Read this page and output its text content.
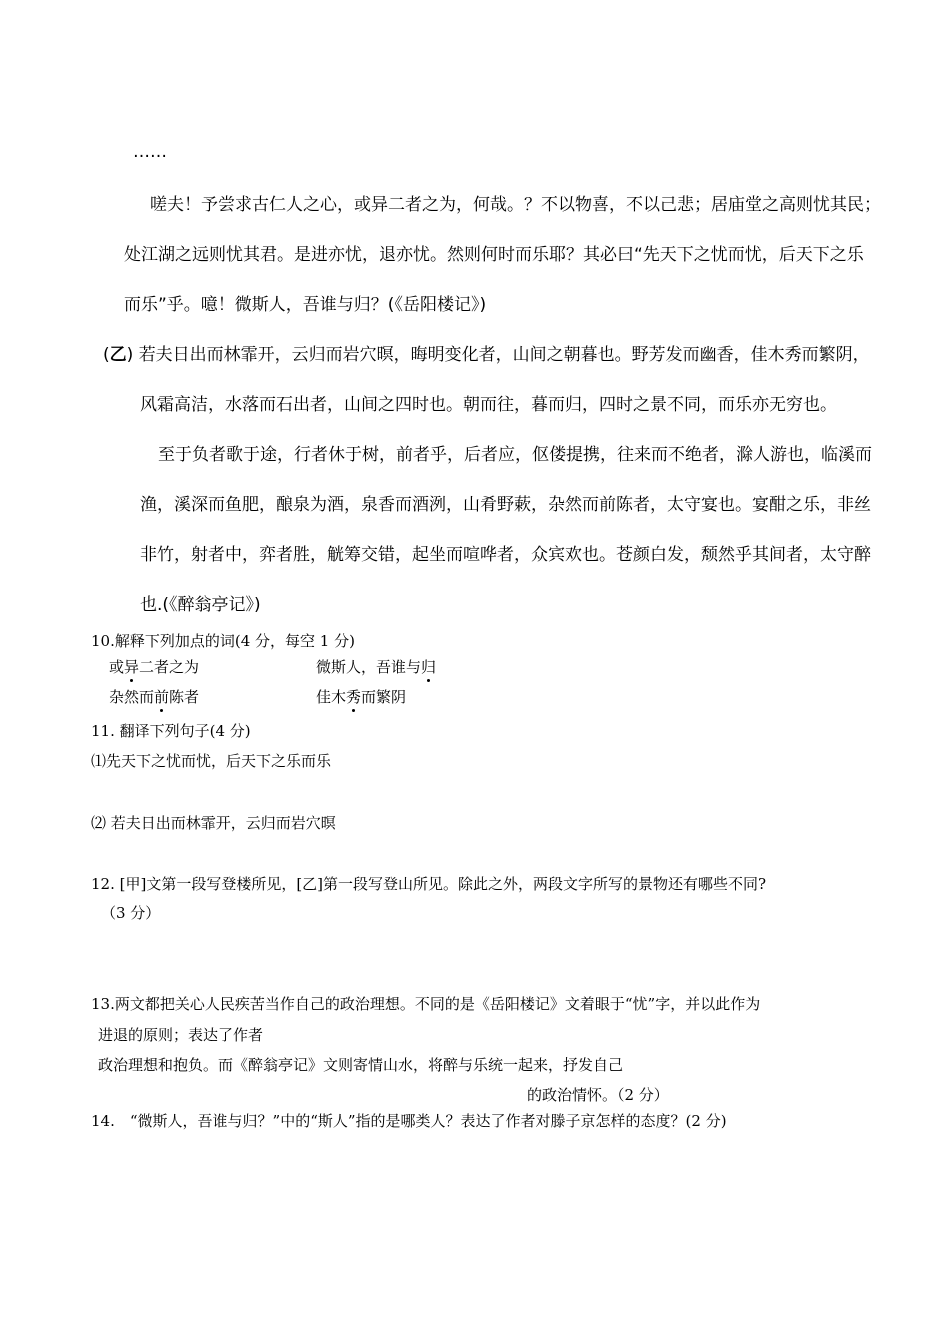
……
嗟夫！予尝求古仁人之心，或异二者之为，何哉。？不以物喜，不以己悲；居庙堂之高则忧其民；
处江湖之远则忧其君。是进亦忧，退亦忧。然则何时而乐耶？其必曰“先天下之忧而忧，后天下之乐
而乐”乎。噫！微斯人，吾谁与归？(《岳阳楼记》)
(乙) 若夫日出而林霏开，云归而岩穴暝，晦明变化者，山间之朝暮也。野芳发而幽香，佳木秀而繁阴，
风霜高洁，水落而石出者，山间之四时也。朝而往，暮而归，四时之景不同，而乐亦无穷也。
至于负者歌于途，行者休于树，前者乎，后者应，伛偻提携，往来而不绝者，滁人游也，临溪而
渔，溪深而鱼肥，酿泉为酒，泉香而酒洌，山肴野蔌，杂然而前陈者，太守宴也。宴酣之乐，非丝
非竹，射者中，弈者胜，觥筹交错，起坐而喧哗者，众宾欢也。苍颜白发，颓然乎其间者，太守醉
也.(《醉翁亭记》)
10.解释下列加点的词(4 分，每空 1 分)
或异二者之为	微斯人，吾谁与归
杂然而前陈者	佳木秀而繁阴
11. 翻译下列句子(4 分)
⑴先天下之忧而忧，后天下之乐而乐
⑵ 若夫日出而林霏开，云归而岩穴暝
12. [甲]文第一段写登楼所见，[乙]第一段写登山所见。除此之外，两段文字所写的景物还有哪些不同?
（3 分）
13.两文都把关心人民疾苦当作自己的政治理想。不同的是《岳阳楼记》文着眼于“忧”字，并以此作为
进退的原则；表达了作者
政治理想和抱负。而《醉翁亭记》文则寄情山水，将醉与乐统一起来，抒发自己
的政治情怀。（2 分）
14.　“微斯人，吾谁与归？”中的“斯人”指的是哪类人？表达了作者对滕子京怎样的态度？(2 分)
